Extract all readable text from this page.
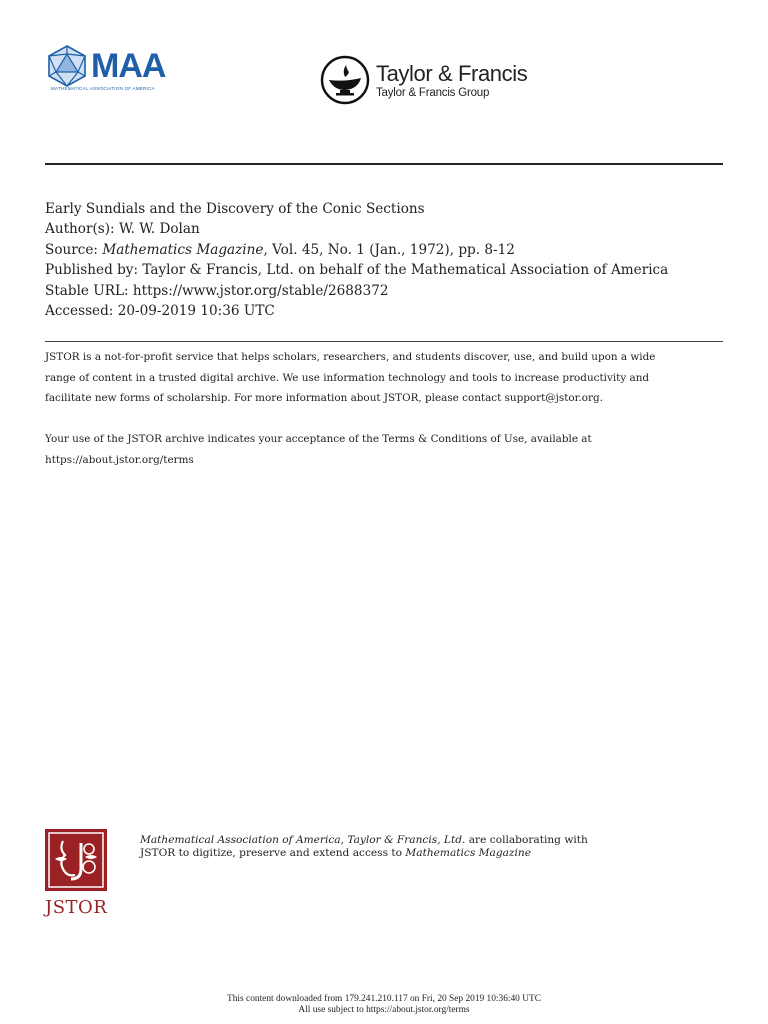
MAA
MATHEMATICAL ASSOCIATION OF AMERICA
Taylor & Francis
Taylor & Francis Group
Early Sundials and the Discovery of the Conic Sections
Author(s): W. W. Dolan
Source: Mathematics Magazine, Vol. 45, No. 1 (Jan., 1972), pp. 8-12
Published by: Taylor & Francis, Ltd. on behalf of the Mathematical Association of America
Stable URL: https://www.jstor.org/stable/2688372
Accessed: 20-09-2019 10:36 UTC
JSTOR is a not-for-profit service that helps scholars, researchers, and students discover, use, and build upon a wide
range of content in a trusted digital archive. We use information technology and tools to increase productivity and
facilitate new forms of scholarship. For more information about JSTOR, please contact support@jstor.org.
Your use of the JSTOR archive indicates your acceptance of the Terms & Conditions of Use, available at
https://about.jstor.org/terms
JSTOR
Mathematical Association of America, Taylor & Francis, Ltd. are collaborating with
JSTOR to digitize, preserve and extend access to Mathematics Magazine
This content downloaded from 179.241.210.117 on Fri, 20 Sep 2019 10:36:40 UTC
All use subject to https://about.jstor.org/terms
